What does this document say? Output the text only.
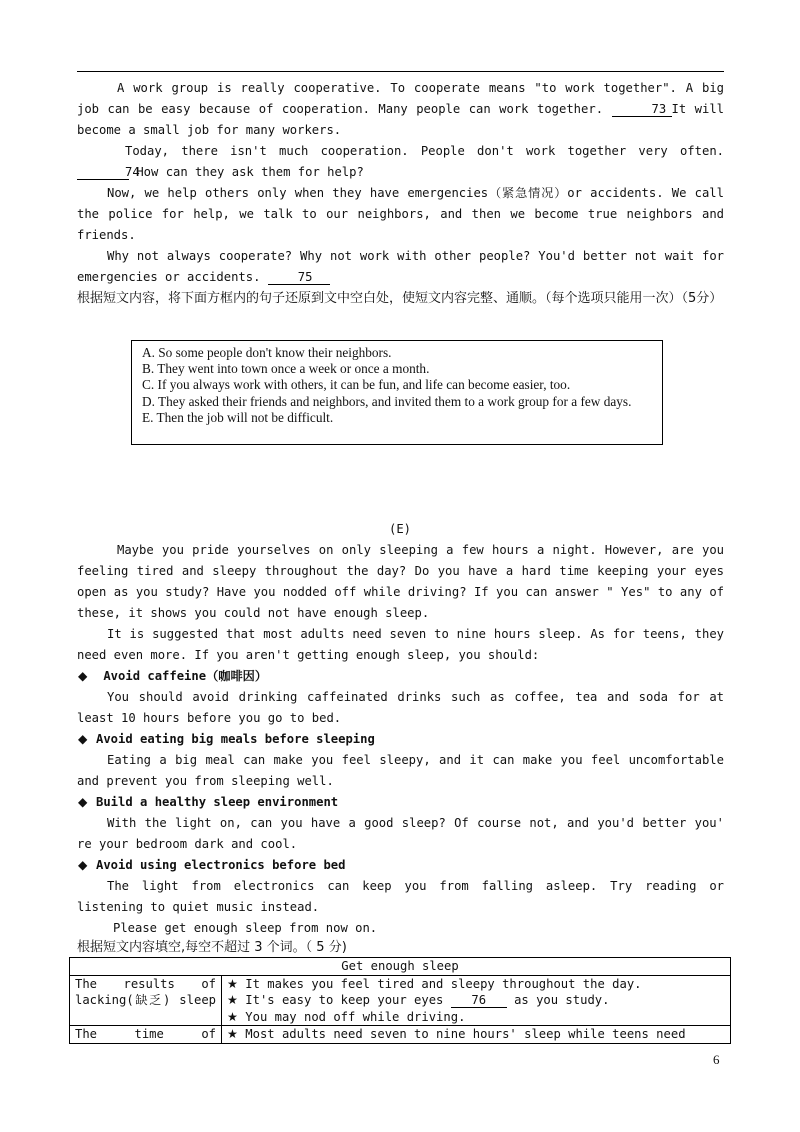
A work group is really cooperative. To cooperate means "to work together". A big job can be easy because of cooperation. Many people can work together.	73 It will become a small job for many workers.
Today, there isn't much cooperation. People don't work together very often. 74 How can they ask them for help?
Now, we help others only when they have emergencies（紧急情况）or accidents. We call the police for help, we talk to our neighbors, and then we become true neighbors and friends.
Why not always cooperate? Why not work with other people? You'd better not wait for emergencies or accidents. 75
根据短文内容，将下面方框内的句子还原到文中空白处，使短文内容完整、通顺。（每个选项只能用一次）（5分）
A. So some people don't know their neighbors.
B. They went into town once a week or once a month.
C. If you always work with others, it can be fun, and life can become easier, too.
D. They asked their friends and neighbors, and invited them to a work group for a few days.
E. Then the job will not be difficult.
(E)
Maybe you pride yourselves on only sleeping a few hours a night. However, are you feeling tired and sleepy throughout the day? Do you have a hard time keeping your eyes open as you study? Have you nodded off while driving? If you can answer " Yes" to any of these, it shows you could not have enough sleep.
It is suggested that most adults need seven to nine hours sleep. As for teens, they need even more. If you aren't getting enough sleep, you should:
◆ Avoid caffeine（咖啡因）
You should avoid drinking caffeinated drinks such as coffee, tea and soda for at least 10 hours before you go to bed.
◆ Avoid eating big meals before sleeping
Eating a big meal can make you feel sleepy, and it can make you feel uncomfortable and prevent you from sleeping well.
◆ Build a healthy sleep environment
With the light on, can you have a good sleep? Of course not, and you'd better you' re your bedroom dark and cool.
◆ Avoid using electronics before bed
The light from electronics can keep you from falling asleep. Try reading or listening to quiet music instead.
Please get enough sleep from now on.
根据短文内容填空,每空不超过 3 个词。（ 5 分)
Get enough sleep	
The results of lacking(缺乏) sleep	★ It makes you feel tired and sleepy throughout the day.
★ It's easy to keep your eyes 76 as you study.
★ You may nod off while driving.

The time of	★ Most adults need seven to nine hours' sleep while teens need
6
